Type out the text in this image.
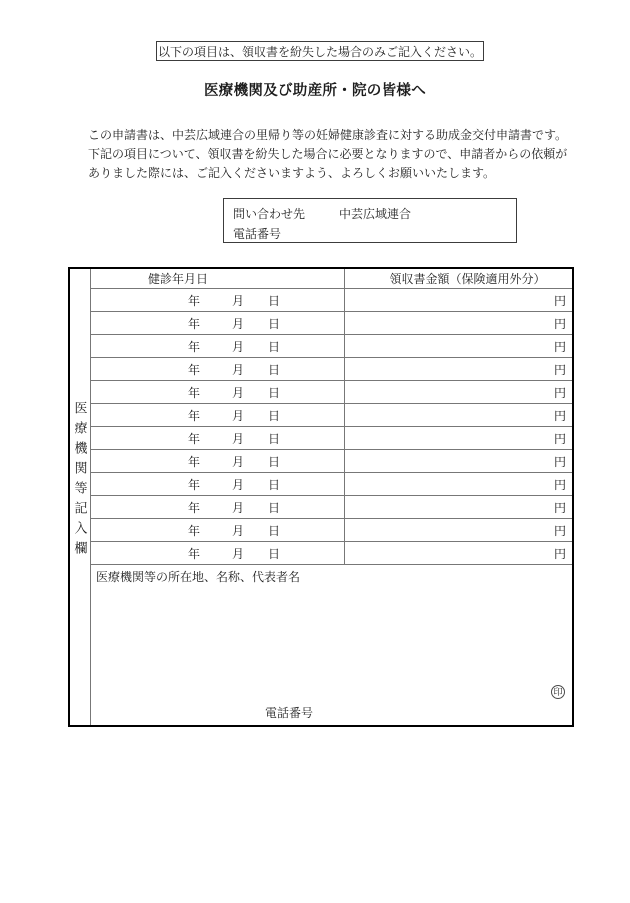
以下の項目は、領収書を紛失した場合のみご記入ください。
医療機関及び助産所・院の皆様へ
この申請書は、中芸広域連合の里帰り等の妊婦健康診査に対する助成金交付申請書です。
下記の項目について、領収書を紛失した場合に必要となりますので、申請者からの依頼が
ありました際には、ご記入くださいますよう、よろしくお願いいたします。
問い合わせ先	中芸広域連合
電話番号
医療機関等記入欄
健診年月日	領収書金額（保険適用外分）
年	月 日	円
年	月 日	円
年	月 日	円
年	月 日	円
年	月 日	円
年	月 日	円
年	月 日	円
年	月 日	円
年	月 日	円
年	月 日	円
年	月 日	円
年	月 日	円
医療機関等の所在地、名称、代表者名
印
電話番号
